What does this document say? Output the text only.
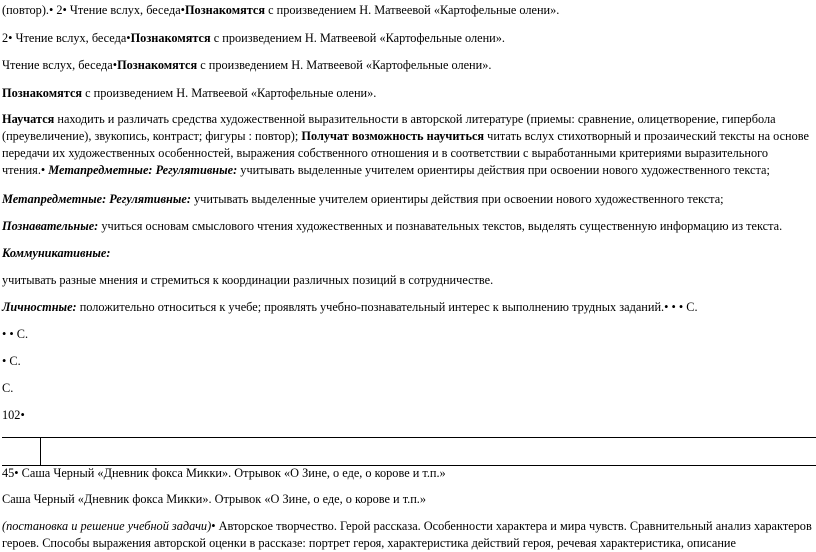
(повтор).• 2• Чтение вслух, беседа•Познакомятся с произведением Н. Матвеевой «Картофельные олени».
2• Чтение вслух, беседа•Познакомятся с произведением Н. Матвеевой «Картофельные олени».
Чтение вслух, беседа•Познакомятся с произведением Н. Матвеевой «Картофельные олени».
Познакомятся с произведением Н. Матвеевой «Картофельные олени».
Научатся находить и различать средства художественной выразительности в авторской литературе (приемы: сравнение, олицетворение, гипербола (преувеличение), звукопись, контраст; фигуры : повтор); Получат возможность научиться читать вслух стихотворный и прозаический тексты на основе передачи их художественных особенностей, выражения собственного отношения и в соответствии с выработанными критериями выразительного чтения.• Метапредметные: Регулятивные: учитывать выделенные учителем ориентиры действия при освоении нового художественного текста;
Метапредметные: Регулятивные: учитывать выделенные учителем ориентиры действия при освоении нового художественного текста;
Познавательные: учиться основам смыслового чтения художественных и познавательных текстов, выделять существенную информацию из текста.
Коммуникативные:
учитывать разные мнения и стремиться к координации различных позиций в сотрудничестве.
Личностные: положительно относиться к учебе; проявлять учебно-познавательный интерес к выполнению трудных заданий.• • • С.
• • С.
• С.
С.
102•
45• Саша Черный «Дневник фокса Микки». Отрывок «О Зине, о еде, о корове и т.п.»
Саша Черный «Дневник фокса Микки». Отрывок «О Зине, о еде, о корове и т.п.»
(постановка и решение учебной задачи)• Авторское творчество. Герой рассказа. Особенности характера и мира чувств. Сравнительный анализ характеров героев. Способы выражения авторской оценки в рассказе: портрет героя, характеристика действий героя, речевая характеристика, описание
